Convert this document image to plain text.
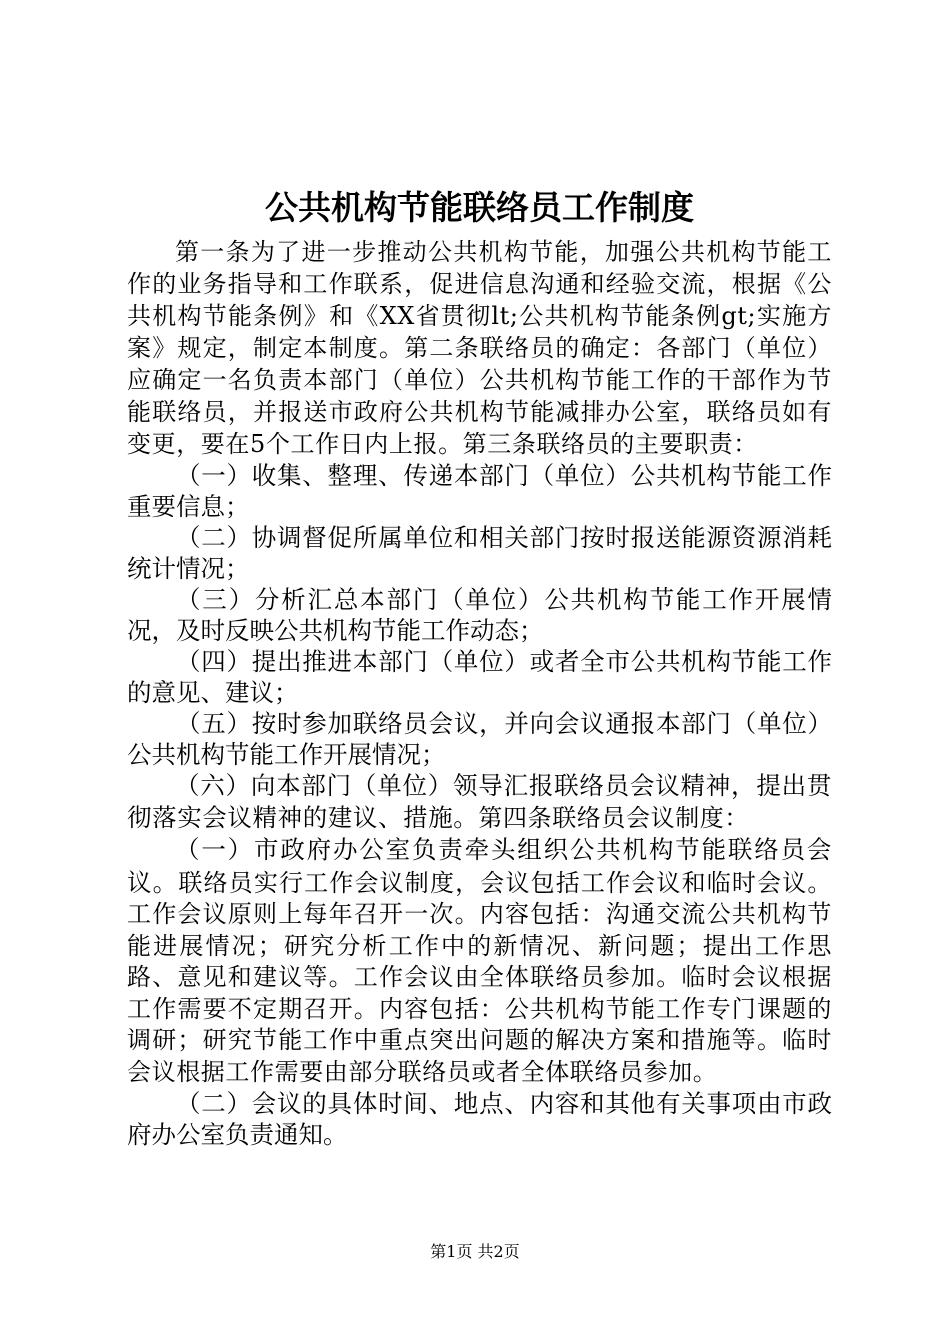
公共机构节能联络员工作制度

第一条为了进一步推动公共机构节能，加强公共机构节能工作的业务指导和工作联系，促进信息沟通和经验交流，根据《公共机构节能条例》和《XX省贯彻lt;公共机构节能条例gt;实施方案》规定，制定本制度。第二条联络员的确定：各部门（单位）应确定一名负责本部门（单位）公共机构节能工作的干部作为节能联络员，并报送市政府公共机构节能减排办公室，联络员如有变更，要在5个工作日内上报。第三条联络员的主要职责：

（一）收集、整理、传递本部门（单位）公共机构节能工作重要信息；

（二）协调督促所属单位和相关部门按时报送能源资源消耗统计情况；

（三）分析汇总本部门（单位）公共机构节能工作开展情况，及时反映公共机构节能工作动态；

（四）提出推进本部门（单位）或者全市公共机构节能工作的意见、建议；

（五）按时参加联络员会议，并向会议通报本部门（单位）公共机构节能工作开展情况；

（六）向本部门（单位）领导汇报联络员会议精神，提出贯彻落实会议精神的建议、措施。第四条联络员会议制度：

（一）市政府办公室负责牵头组织公共机构节能联络员会议。联络员实行工作会议制度，会议包括工作会议和临时会议。工作会议原则上每年召开一次。内容包括：沟通交流公共机构节能进展情况；研究分析工作中的新情况、新问题；提出工作思路、意见和建议等。工作会议由全体联络员参加。临时会议根据工作需要不定期召开。内容包括：公共机构节能工作专门课题的调研；研究节能工作中重点突出问题的解决方案和措施等。临时会议根据工作需要由部分联络员或者全体联络员参加。

（二）会议的具体时间、地点、内容和其他有关事项由市政府办公室负责通知。

第1页 共2页
